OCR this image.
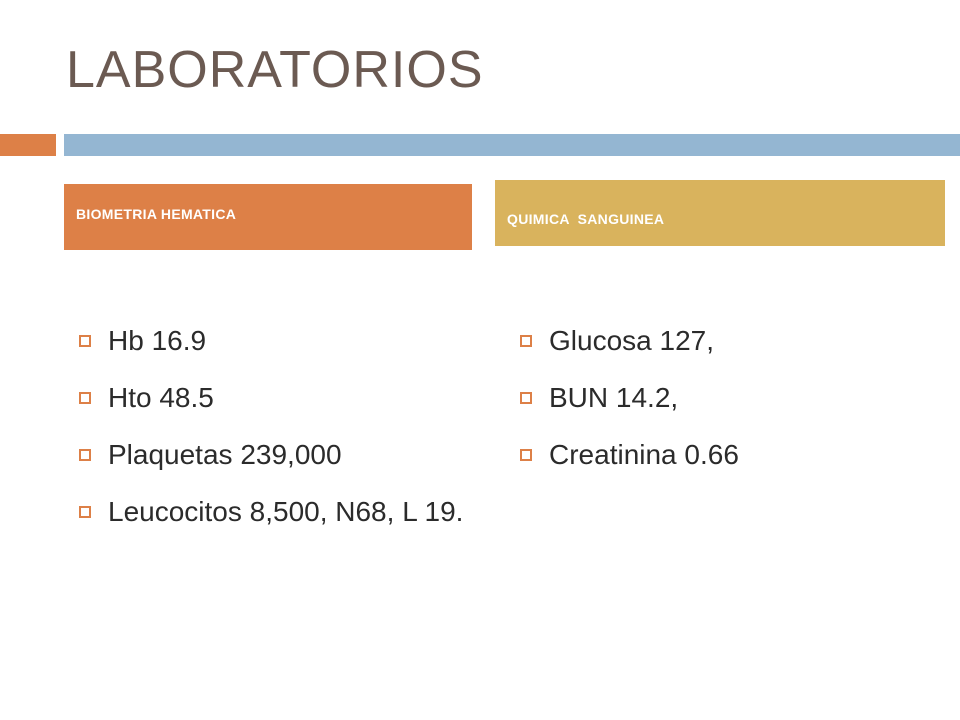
LABORATORIOS
BIOMETRIA HEMATICA	QUIMICA  SANGUINEA
Hb 16.9
Hto 48.5
Plaquetas 239,000
Leucocitos 8,500, N68, L 19.
Glucosa 127,
BUN 14.2,
Creatinina 0.66
